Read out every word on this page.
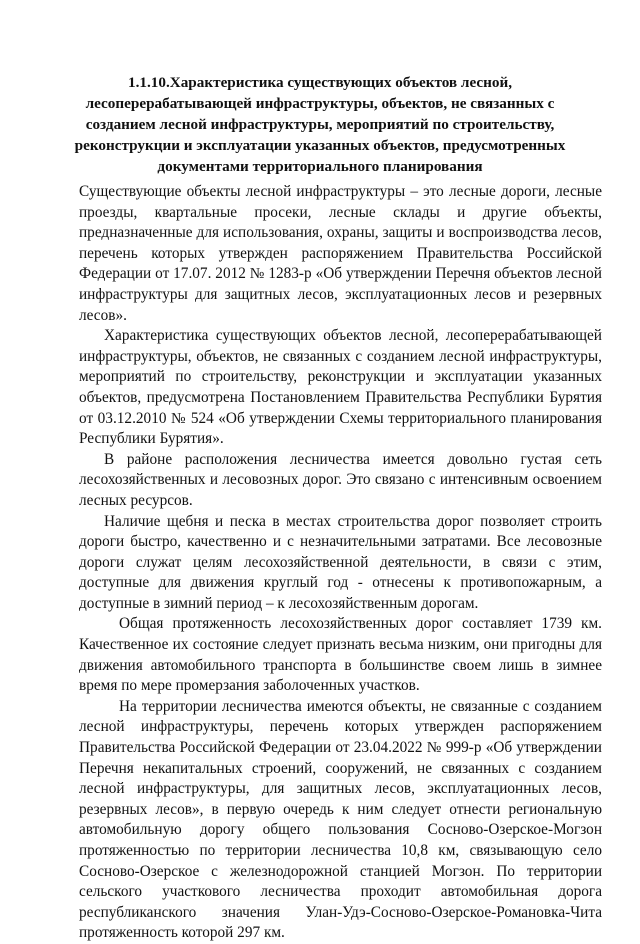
1.1.10.Характеристика существующих объектов лесной, лесоперерабатывающей инфраструктуры, объектов, не связанных с созданием лесной инфраструктуры, мероприятий по строительству, реконструкции и эксплуатации указанных объектов, предусмотренных документами территориального планирования

Существующие объекты лесной инфраструктуры – это лесные дороги, лесные проезды, квартальные просеки, лесные склады и другие объекты, предназначенные для использования, охраны, защиты и воспроизводства лесов, перечень которых утвержден распоряжением Правительства Российской Федерации от 17.07. 2012 № 1283-р «Об утверждении Перечня объектов лесной инфраструктуры для защитных лесов, эксплуатационных лесов и резервных лесов».

Характеристика существующих объектов лесной, лесоперерабатывающей инфраструктуры, объектов, не связанных с созданием лесной инфраструктуры, мероприятий по строительству, реконструкции и эксплуатации указанных объектов, предусмотрена Постановлением Правительства Республики Бурятия от 03.12.2010 № 524 «Об утверждении Схемы территориального планирования Республики Бурятия».

В районе расположения лесничества имеется довольно густая сеть лесохозяйственных и лесовозных дорог. Это связано с интенсивным освоением лесных ресурсов.

Наличие щебня и песка в местах строительства дорог позволяет строить дороги быстро, качественно и с незначительными затратами. Все лесовозные дороги служат целям лесохозяйственной деятельности, в связи с этим, доступные для движения круглый год - отнесены к противопожарным, а доступные в зимний период – к лесохозяйственным дорогам.

Общая протяженность лесохозяйственных дорог составляет 1739 км. Качественное их состояние следует признать весьма низким, они пригодны для движения автомобильного транспорта в большинстве своем лишь в зимнее время по мере промерзания заболоченных участков.

На территории лесничества имеются объекты, не связанные с созданием лесной инфраструктуры, перечень которых утвержден распоряжением Правительства Российской Федерации от 23.04.2022 № 999-р «Об утверждении Перечня некапитальных строений, сооружений, не связанных с созданием лесной инфраструктуры, для защитных лесов, эксплуатационных лесов, резервных лесов», в первую очередь к ним следует отнести региональную автомобильную дорогу общего пользования Сосново-Озерское-Могзон протяженностью по территории лесничества 10,8 км, связывающую село Сосново-Озерское с железнодорожной станцией Могзон. По территории сельского участкового лесничества проходит автомобильная дорога республиканского значения Улан-Удэ-Сосново-Озерское-Романовка-Чита протяженность которой 297 км.
